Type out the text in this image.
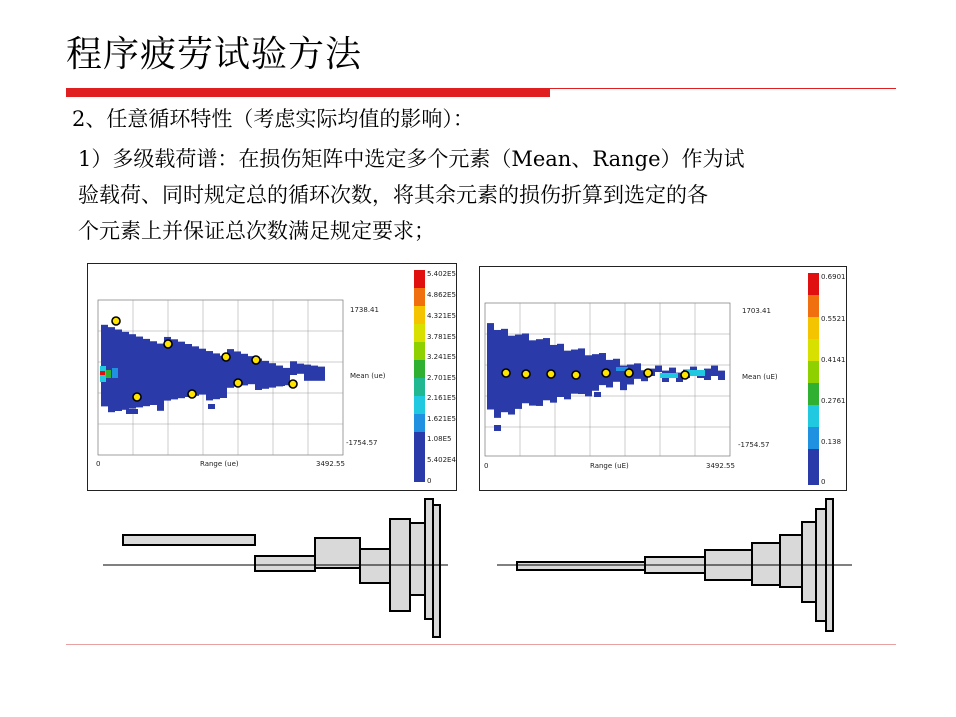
程序疲劳试验方法
2、任意循环特性（考虑实际均值的影响）：
1）多级载荷谱：在损伤矩阵中选定多个元素（Mean、Range）作为试
验载荷、同时规定总的循环次数，将其余元素的损伤折算到选定的各
个元素上并保证总次数满足规定要求；
1738.41
Mean (ue)
-1754.57
0	Range (ue)	3492.55
5.402E5
4.862E5
4.321E5
3.781E5
3.241E5
2.701E5
2.161E5
1.621E5
1.08E5
5.402E4
0
1703.41
Mean (uE)
-1754.57
0	Range (uE)	3492.55
0.6901
0.5521
0.4141
0.2761
0.138
0
